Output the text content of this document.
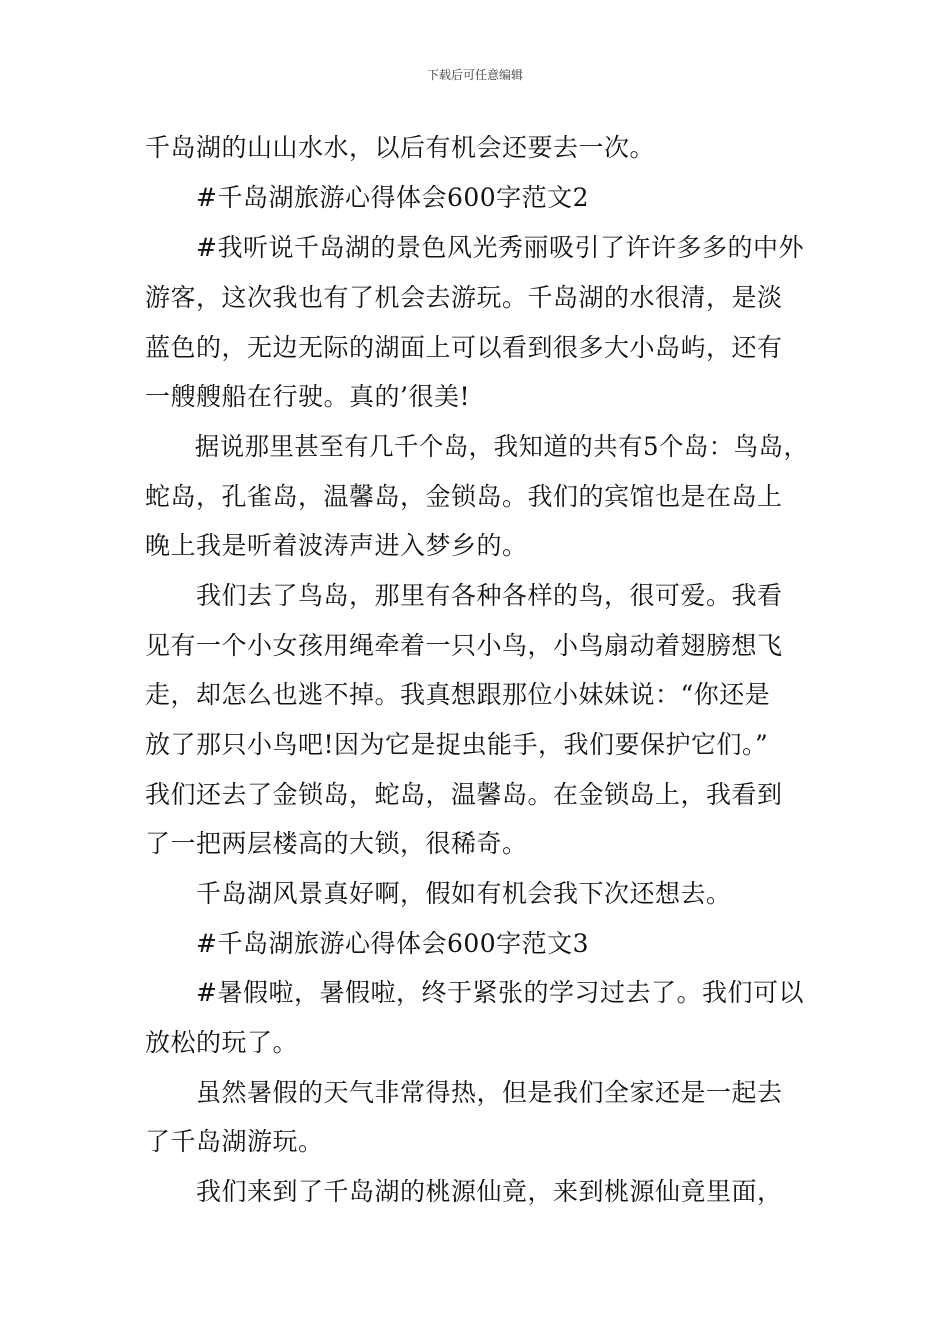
下载后可任意编辑
千岛湖的山山水水，以后有机会还要去一次。
　　#千岛湖旅游心得体会600字范文2
　　#我听说千岛湖的景色风光秀丽吸引了许许多多的中外
游客，这次我也有了机会去游玩。千岛湖的水很清，是淡
蓝色的，无边无际的湖面上可以看到很多大小岛屿，还有
一艘艘船在行驶。真的’很美!
　　据说那里甚至有几千个岛，我知道的共有5个岛：鸟岛，
蛇岛，孔雀岛，温馨岛，金锁岛。我们的宾馆也是在岛上
晚上我是听着波涛声进入梦乡的。
　　我们去了鸟岛，那里有各种各样的鸟，很可爱。我看
见有一个小女孩用绳牵着一只小鸟，小鸟扇动着翅膀想飞
走，却怎么也逃不掉。我真想跟那位小妹妹说：“你还是
放了那只小鸟吧!因为它是捉虫能手，我们要保护它们。”
我们还去了金锁岛，蛇岛，温馨岛。在金锁岛上，我看到
了一把两层楼高的大锁，很稀奇。
　　千岛湖风景真好啊，假如有机会我下次还想去。
　　#千岛湖旅游心得体会600字范文3
　　#暑假啦，暑假啦，终于紧张的学习过去了。我们可以
放松的玩了。
　　虽然暑假的天气非常得热，但是我们全家还是一起去
了千岛湖游玩。
　　我们来到了千岛湖的桃源仙竟，来到桃源仙竟里面，
